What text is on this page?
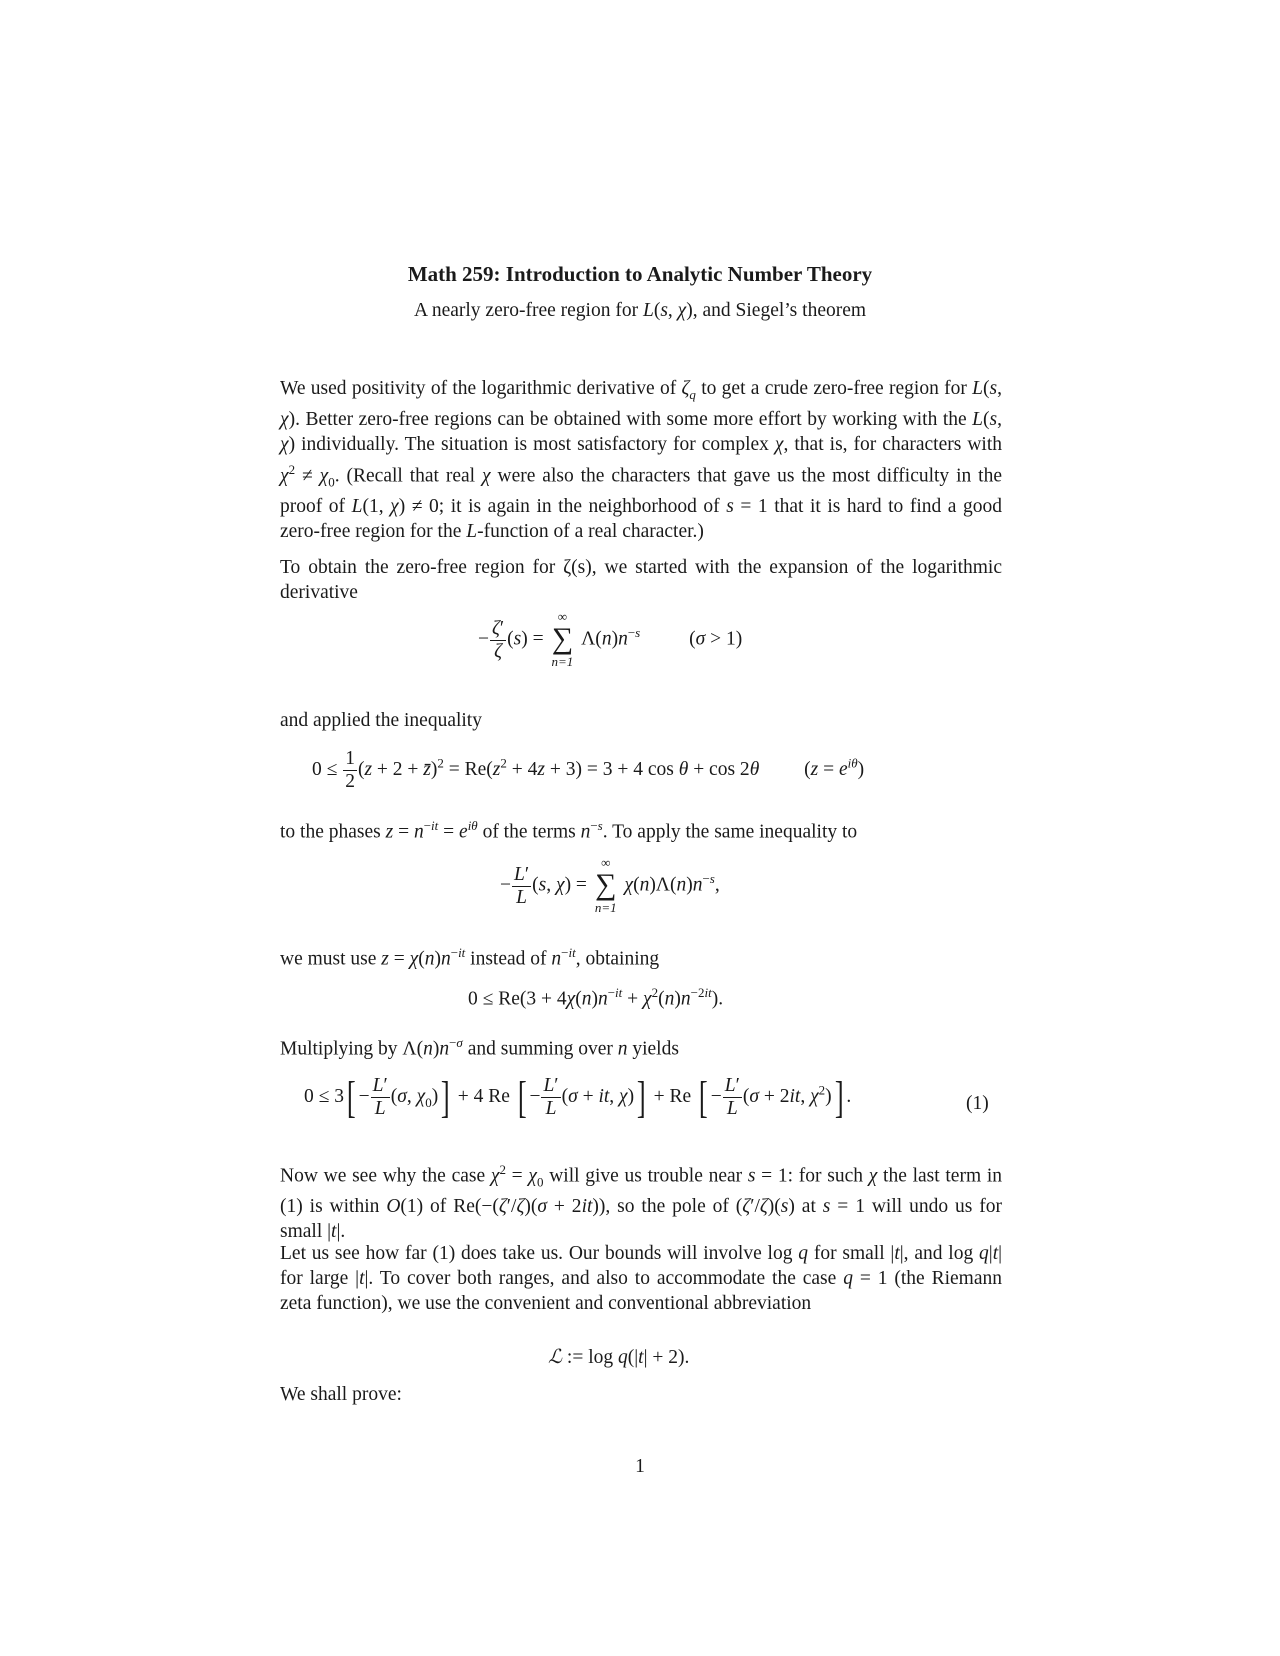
Math 259: Introduction to Analytic Number Theory
A nearly zero-free region for L(s, χ), and Siegel’s theorem
We used positivity of the logarithmic derivative of $\zeta_q$ to get a crude zero-free region for L(s, χ). Better zero-free regions can be obtained with some more effort by working with the L(s, χ) individually. The situation is most satisfactory for complex χ, that is, for characters with $\chi^2 \ne \chi_0$. (Recall that real χ were also the characters that gave us the most difficulty in the proof of L(1, χ) ≠ 0; it is again in the neighborhood of s = 1 that it is hard to find a good zero-free region for the L-function of a real character.)
To obtain the zero-free region for ζ(s), we started with the expansion of the logarithmic derivative
− $\frac{\zeta'}{\zeta} (s)$ =
∞
∑
n=1
$\Lambda(n)n^{-s}$	(σ > 1)
and applied the inequality
$0 \le \frac{1}{2} (z + 2$ + z̄)$^2$ = $Re(z^2 + 4z + 3) = 3 + 4$ cos θ + cos 2θ $(z = e^{i\theta})$
to the phases $z = n^{-it} = e^{i\theta}$ of the terms $n^{-s}$. To apply the same inequality to
− $\frac{L'}{L} (s$, χ) =
∞
∑
n=1
$\chi(n)\Lambda(n)n^{-s}$,
we must use $z = \chi(n)n^{-it}$ instead of $n^{-it}$, obtaining
$0 \le Re(3 + 4\chi(n)n^{-it} + \chi^2(n)n^{-2it})$.
Multiplying by $\Lambda(n)n^{-\sigma}$ and summing over n yields
$0 \le 3[ - \frac{L'}{L} (\sigma$, $\chi_0)] + 4$ Re [ − $\frac{L'}{L} (\sigma$ + it, χ)] + Re [ − $\frac{L'}{L} (\sigma + 2it$, $\chi^2$)] .	(1)
Now we see why the case $\chi^2 = \chi_0$ will give us trouble near s = 1: for such χ the last term in (1) is within O(1) of Re(−(ζ′/ζ)(σ + 2it)), so the pole of (ζ′/ζ)(s) at s = 1 will undo us for small |t|.
Let us see how far (1) does take us. Our bounds will involve log q for small |t|, and log q|t| for large |t|. To cover both ranges, and also to accommodate the case q = 1 (the Riemann zeta function), we use the convenient and conventional abbreviation
ℒ := log q(|t| + 2).
We shall prove:
1
